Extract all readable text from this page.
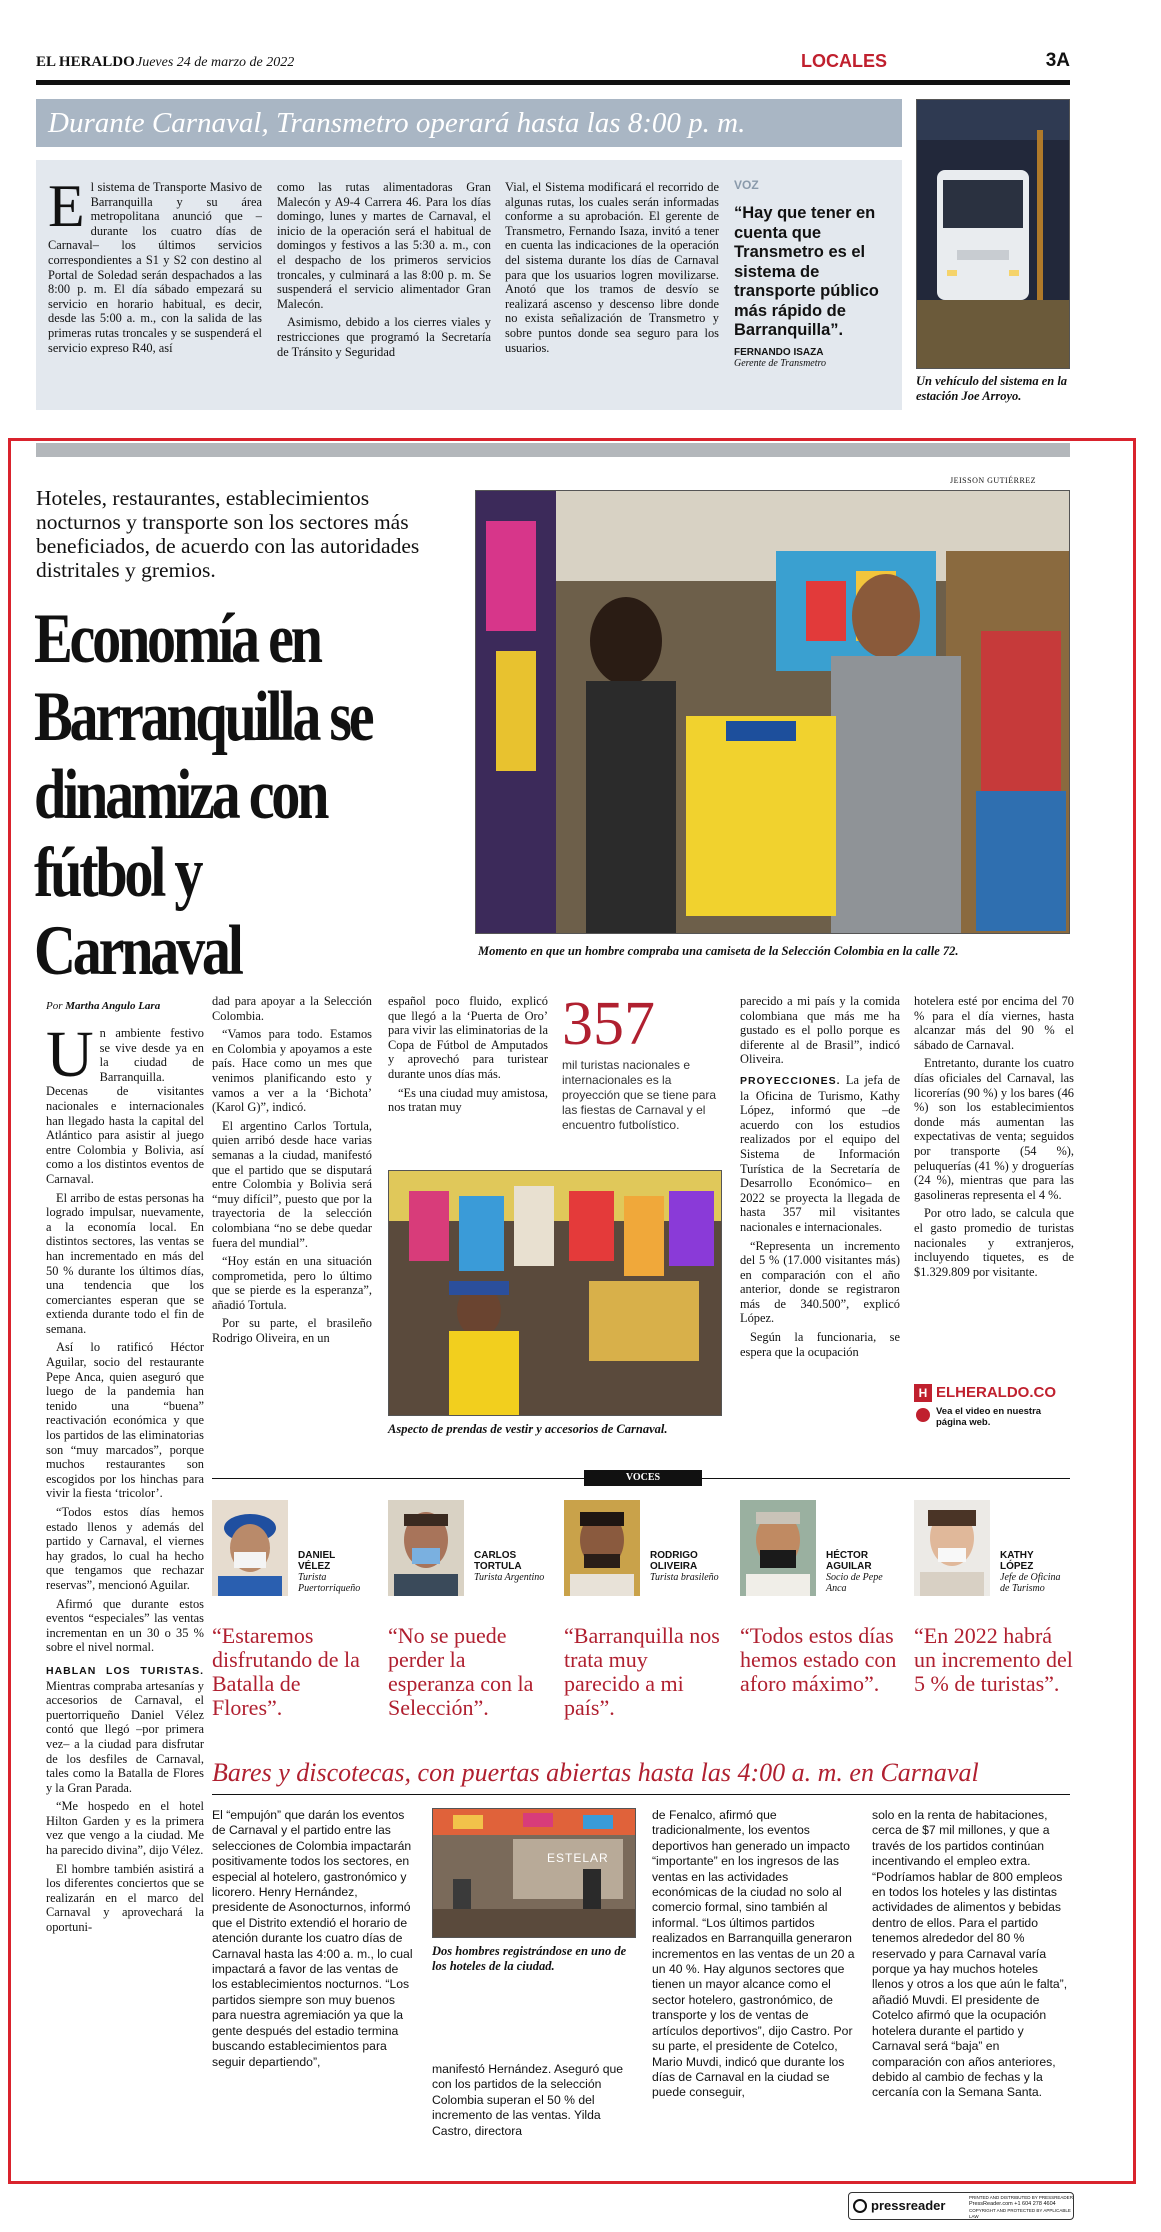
EL HERALDO Jueves 24 de marzo de 2022	LOCALES	3A
Durante Carnaval, Transmetro operará hasta las 8:00 p. m.
E l sistema de Transporte Masivo de Barranquilla y su área metropolitana anunció que –durante los cuatro días de Carnaval– los últimos servicios correspondientes a S1 y S2 con destino al Portal de Soledad serán despachados a las 8:00 p. m. El día sábado empezará su servicio en horario habitual, es decir, desde las 5:00 a. m., con la salida de las primeras rutas troncales y se suspenderá el servicio expreso R40, así

como las rutas alimentadoras Gran Malecón y A9-4 Carrera 46. Para los días domingo, lunes y martes de Carnaval, el inicio de la operación será el habitual de domingos y festivos a las 5:30 a. m., con el despacho de los primeros servicios troncales, y culminará a las 8:00 p. m. Se suspenderá el servicio alimentador Gran Malecón.

Asimismo, debido a los cierres viales y restricciones que programó la Secretaría de Tránsito y Seguridad

Vial, el Sistema modificará el recorrido de algunas rutas, los cuales serán informadas conforme a su aprobación. El gerente de Transmetro, Fernando Isaza, invitó a tener en cuenta las indicaciones de la operación del sistema durante los días de Carnaval para que los usuarios logren movilizarse. Anotó que los tramos de desvío se realizará ascenso y descenso libre donde no exista señalización de Transmetro y sobre puntos donde sea seguro para los usuarios.

VOZ
“Hay que tener en cuenta que Transmetro es el sistema de transporte público más rápido de Barranquilla”.
FERNANDO ISAZA
Gerente de Transmetro
Un vehículo del sistema en la estación Joe Arroyo.
JEISSON GUTIÉRREZ
Hoteles, restaurantes, establecimientos nocturnos y transporte son los sectores más beneficiados, de acuerdo con las autoridades distritales y gremios.
Economía en Barranquilla se dinamiza con fútbol y Carnaval	Momento en que un hombre compraba una camiseta de la Selección Colombia en la calle 72.
Por Martha Angulo Lara
U n ambiente festivo se vive desde ya en la ciudad de Barranquilla. Decenas de visitantes nacionales e internacionales han llegado hasta la capital del Atlántico para asistir al juego entre Colombia y Bolivia, así como a los distintos eventos de Carnaval.

El arribo de estas personas ha logrado impulsar, nuevamente, a la economía local. En distintos sectores, las ventas se han incrementado en más del 50 % durante los últimos días, una tendencia que los comerciantes esperan que se extienda durante todo el fin de semana.

Así lo ratificó Héctor Aguilar, socio del restaurante Pepe Anca, quien aseguró que luego de la pandemia han tenido una “buena” reactivación económica y que los partidos de las eliminatorias son “muy marcados”, porque muchos restaurantes son escogidos por los hinchas para vivir la fiesta ‘tricolor’.

“Todos estos días hemos estado llenos y además del partido y Carnaval, el viernes hay grados, lo cual ha hecho que tengamos que rechazar reservas”, mencionó Aguilar.

Afirmó que durante estos eventos “especiales” las ventas incrementan en un 30 o 35 % sobre el nivel normal.

HABLAN LOS TURISTAS. Mientras compraba artesanías y accesorios de Carnaval, el puertorriqueño Daniel Vélez contó que llegó –por primera vez– a la ciudad para disfrutar de los desfiles de Carnaval, tales como la Batalla de Flores y la Gran Parada.

“Me hospedo en el hotel Hilton Garden y es la primera vez que vengo a la ciudad. Me ha parecido divina”, dijo Vélez.

El hombre también asistirá a los diferentes conciertos que se realizarán en el marco del Carnaval y aprovechará la oportuni-

dad para apoyar a la Selección Colombia.

“Vamos para todo. Estamos en Colombia y apoyamos a este país. Hace como un mes que venimos planificando esto y vamos a ver a la ‘Bichota’ (Karol G)”, indicó.

El argentino Carlos Tortula, quien arribó desde hace varias semanas a la ciudad, manifestó que el partido que se disputará entre Colombia y Bolivia será “muy difícil”, puesto que por la trayectoria de la selección colombiana “no se debe quedar fuera del mundial”.

“Hoy están en una situación comprometida, pero lo último que se pierde es la esperanza”, añadió Tortula.

Por su parte, el brasileño Rodrigo Oliveira, en un

español poco fluido, explicó que llegó a la ‘Puerta de Oro’ para vivir las eliminatorias de la Copa de Fútbol de Amputados y aprovechó para turistear durante unos días más.

“Es una ciudad muy amistosa, nos tratan muy

357
mil turistas nacionales e internacionales es la proyección que se tiene para las fiestas de Carnaval y el encuentro futbolístico.
Aspecto de prendas de vestir y accesorios de Carnaval.

parecido a mi país y la comida colombiana que más me ha gustado es el pollo porque es diferente al de Brasil”, indicó Oliveira.

PROYECCIONES. La jefa de la Oficina de Turismo, Kathy López, informó que –de acuerdo con los estudios realizados por el equipo del Sistema de Información Turística de la Secretaría de Desarrollo Económico– en 2022 se proyecta la llegada de hasta 357 mil visitantes nacionales e internacionales.

“Representa un incremento del 5 % (17.000 visitantes más) en comparación con el año anterior, donde se registraron más de 340.500”, explicó López.

Según la funcionaria, se espera que la ocupación

hotelera esté por encima del 70 % para el día viernes, hasta alcanzar más del 90 % el sábado de Carnaval.

Entretanto, durante los cuatro días oficiales del Carnaval, las licorerías (90 %) y los bares (46 %) son los establecimientos donde más aumentan las expectativas de venta; seguidos por transporte (54 %), peluquerías (41 %) y droguerías (24 %), mientras que para las gasolineras representa el 4 %.

Por otro lado, se calcula que el gasto promedio de turistas nacionales y extranjeros, incluyendo tiquetes, es de $1.329.809 por visitante.

H ELHERALDO.CO
Vea el video en nuestra página web.
VOCES
DANIEL VÉLEZ
Turista Puertorriqueño
“Estaremos disfrutando de la Batalla de Flores”.
CARLOS TORTULA
Turista Argentino
“No se puede perder la esperanza con la Selección”.
RODRIGO OLIVEIRA
Turista brasileño
“Barranquilla nos trata muy parecido a mi país”.
HÉCTOR AGUILAR
Socio de Pepe Anca
“Todos estos días hemos estado con aforo máximo”.
KATHY LÓPEZ
Jefe de Oficina de Turismo
“En 2022 habrá un incremento del 5 % de turistas”.
Bares y discotecas, con puertas abiertas hasta las 4:00 a. m. en Carnaval
El “empujón” que darán los eventos de Carnaval y el partido entre las selecciones de Colombia impactarán positivamente todos los sectores, en especial al hotelero, gastronómico y licorero. Henry Hernández, presidente de Asonocturnos, informó que el Distrito extendió el horario de atención durante los cuatro días de Carnaval hasta las 4:00 a. m., lo cual impactará a favor de las ventas de los establecimientos nocturnos. “Los partidos siempre son muy buenos para nuestra agremiación ya que la gente después del estadio termina buscando establecimientos para seguir departiendo”,
ESTELAR
Dos hombres registrándose en uno de los hoteles de la ciudad.
manifestó Hernández. Aseguró que con los partidos de la selección Colombia superan el 50 % del incremento de las ventas. Yilda Castro, directora
de Fenalco, afirmó que tradicionalmente, los eventos deportivos han generado un impacto “importante” en los ingresos de las ventas en las actividades económicas de la ciudad no solo al comercio formal, sino también al informal. “Los últimos partidos realizados en Barranquilla generaron incrementos en las ventas de un 20 a un 40 %. Hay algunos sectores que tienen un mayor alcance como el sector hotelero, gastronómico, de transporte y los de ventas de artículos deportivos”, dijo Castro. Por su parte, el presidente de Cotelco, Mario Muvdi, indicó que durante los días de Carnaval en la ciudad se puede conseguir,
solo en la renta de habitaciones, cerca de $7 mil millones, y que a través de los partidos continúan incentivando el empleo extra. “Podríamos hablar de 800 empleos en todos los hoteles y las distintas actividades de alimentos y bebidas dentro de ellos. Para el partido tenemos alrededor del 80 % reservado y para Carnaval varía porque ya hay muchos hoteles llenos y otros a los que aún le falta”, añadió Muvdi. El presidente de Cotelco afirmó que la ocupación hotelera durante el partido y Carnaval será “baja” en comparación con años anteriores, debido al cambio de fechas y la cercanía con la Semana Santa.
pressreader
PRINTED AND DISTRIBUTED BY PRESSREADER
PressReader.com +1 604 278 4604
COPYRIGHT AND PROTECTED BY APPLICABLE LAW
